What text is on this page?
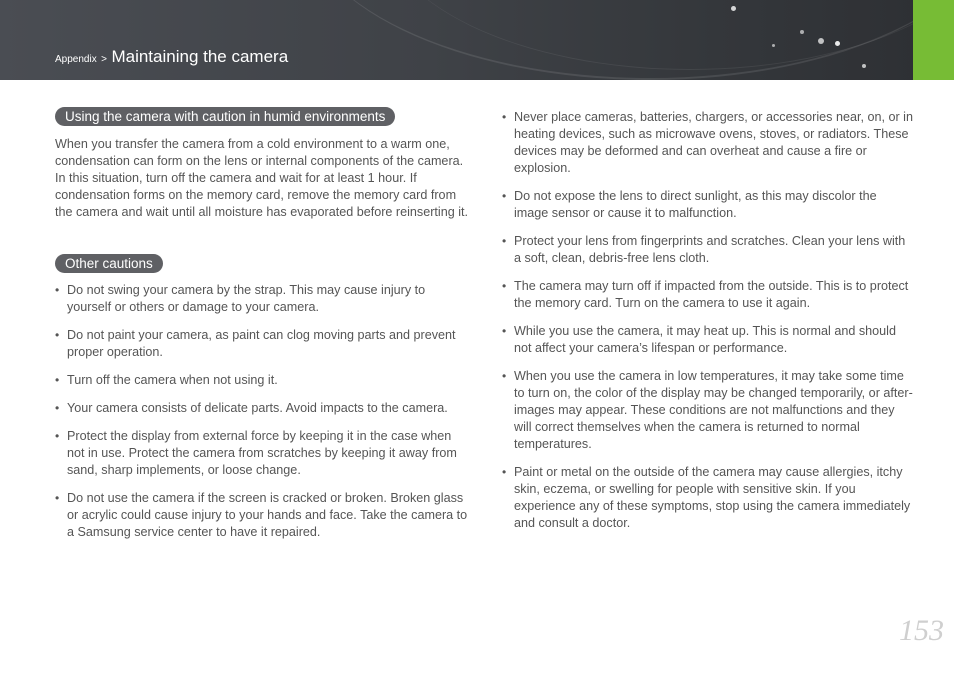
Appendix > Maintaining the camera
Using the camera with caution in humid environments

When you transfer the camera from a cold environment to a warm one, condensation can form on the lens or internal components of the camera. In this situation, turn off the camera and wait for at least 1 hour. If condensation forms on the memory card, remove the memory card from the camera and wait until all moisture has evaporated before reinserting it.

Other cautions
• Do not swing your camera by the strap. This may cause injury to yourself or others or damage to your camera.
• Do not paint your camera, as paint can clog moving parts and prevent proper operation.
• Turn off the camera when not using it.
• Your camera consists of delicate parts. Avoid impacts to the camera.
• Protect the display from external force by keeping it in the case when not in use. Protect the camera from scratches by keeping it away from sand, sharp implements, or loose change.
• Do not use the camera if the screen is cracked or broken. Broken glass or acrylic could cause injury to your hands and face. Take the camera to a Samsung service center to have it repaired.
• Never place cameras, batteries, chargers, or accessories near, on, or in heating devices, such as microwave ovens, stoves, or radiators. These devices may be deformed and can overheat and cause a fire or explosion.
• Do not expose the lens to direct sunlight, as this may discolor the image sensor or cause it to malfunction.
• Protect your lens from fingerprints and scratches. Clean your lens with a soft, clean, debris-free lens cloth.
• The camera may turn off if impacted from the outside. This is to protect the memory card. Turn on the camera to use it again.
• While you use the camera, it may heat up. This is normal and should not affect your camera’s lifespan or performance.
• When you use the camera in low temperatures, it may take some time to turn on, the color of the display may be changed temporarily, or after-images may appear. These conditions are not malfunctions and they will correct themselves when the camera is returned to normal temperatures.
• Paint or metal on the outside of the camera may cause allergies, itchy skin, eczema, or swelling for people with sensitive skin. If you experience any of these symptoms, stop using the camera immediately and consult a doctor.
153
